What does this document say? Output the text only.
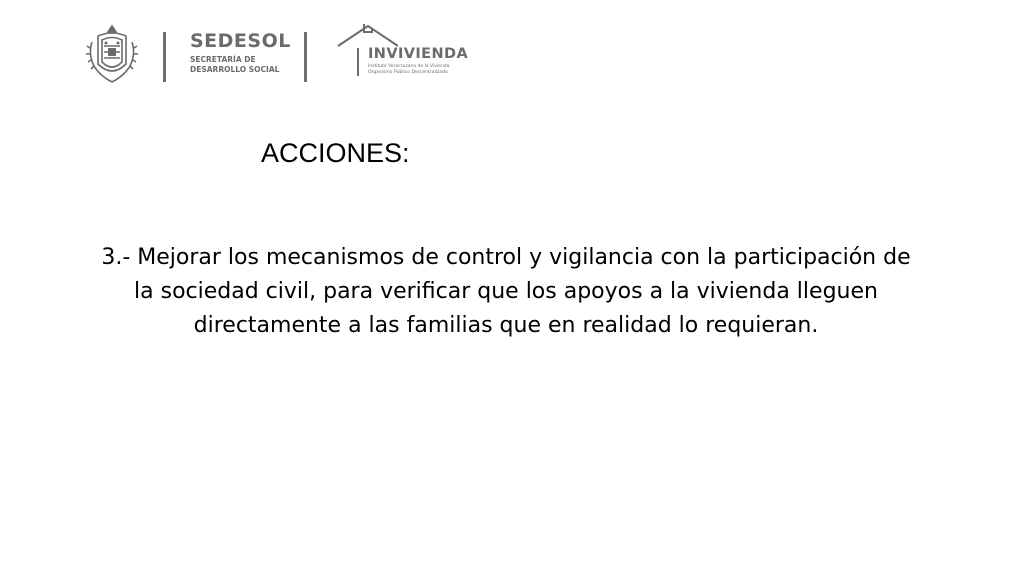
SEDESOL
SECRETARÍA DE
DESARROLLO SOCIAL
INVIVIENDA
Instituto Veracruzano de la Vivienda
Organismo Público Descentralizado
ACCIONES:
3.- Mejorar los mecanismos de control y vigilancia con la participación de la sociedad civil, para verificar que los apoyos a la vivienda lleguen directamente a las familias que en realidad lo requieran.
